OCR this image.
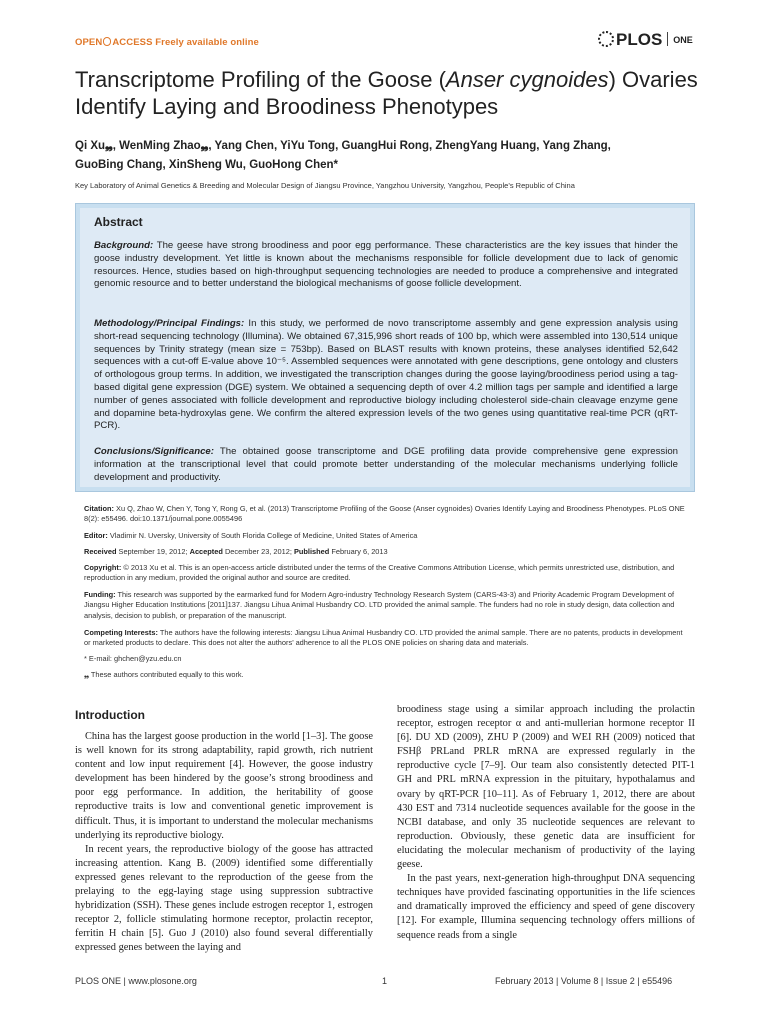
OPEN ACCESS Freely available online	PLOS ONE
Transcriptome Profiling of the Goose (Anser cygnoides) Ovaries Identify Laying and Broodiness Phenotypes
Qi Xu❠, WenMing Zhao❠, Yang Chen, YiYu Tong, GuangHui Rong, ZhengYang Huang, Yang Zhang,
GuoBing Chang, XinSheng Wu, GuoHong Chen*
Key Laboratory of Animal Genetics & Breeding and Molecular Design of Jiangsu Province, Yangzhou University, Yangzhou, People’s Republic of China
Abstract

Background: The geese have strong broodiness and poor egg performance. These characteristics are the key issues that hinder the goose industry development. Yet little is known about the mechanisms responsible for follicle development due to lack of genomic resources. Hence, studies based on high-throughput sequencing technologies are needed to produce a comprehensive and integrated genomic resource and to better understand the biological mechanisms of goose follicle development.

Methodology/Principal Findings: In this study, we performed de novo transcriptome assembly and gene expression analysis using short-read sequencing technology (Illumina). We obtained 67,315,996 short reads of 100 bp, which were assembled into 130,514 unique sequences by Trinity strategy (mean size = 753bp). Based on BLAST results with known proteins, these analyses identified 52,642 sequences with a cut-off E-value above 10⁻⁵. Assembled sequences were annotated with gene descriptions, gene ontology and clusters of orthologous group terms. In addition, we investigated the transcription changes during the goose laying/broodiness period using a tag-based digital gene expression (DGE) system. We obtained a sequencing depth of over 4.2 million tags per sample and identified a large number of genes associated with follicle development and reproductive biology including cholesterol side-chain cleavage enzyme gene and dopamine beta-hydroxylas gene. We confirm the altered expression levels of the two genes using quantitative real-time PCR (qRT-PCR).

Conclusions/Significance: The obtained goose transcriptome and DGE profiling data provide comprehensive gene expression information at the transcriptional level that could promote better understanding of the molecular mechanisms underlying follicle development and productivity.

Citation: Xu Q, Zhao W, Chen Y, Tong Y, Rong G, et al. (2013) Transcriptome Profiling of the Goose (Anser cygnoides) Ovaries Identify Laying and Broodiness Phenotypes. PLoS ONE 8(2): e55496. doi:10.1371/journal.pone.0055496

Editor: Vladimir N. Uversky, University of South Florida College of Medicine, United States of America

Received September 19, 2012; Accepted December 23, 2012; Published February 6, 2013

Copyright: © 2013 Xu et al. This is an open-access article distributed under the terms of the Creative Commons Attribution License, which permits unrestricted use, distribution, and reproduction in any medium, provided the original author and source are credited.

Funding: This research was supported by the earmarked fund for Modern Agro-industry Technology Research System (CARS-43-3) and Priority Academic Program Development of Jiangsu Higher Education Institutions [2011]137. Jiangsu Lihua Animal Husbandry CO. LTD provided the animal sample. The funders had no role in study design, data collection and analysis, decision to publish, or preparation of the manuscript.

Competing Interests: The authors have the following interests: Jiangsu Lihua Animal Husbandry CO. LTD provided the animal sample. There are no patents, products in development or marketed products to declare. This does not alter the authors’ adherence to all the PLOS ONE policies on sharing data and materials.

* E-mail: ghchen@yzu.edu.cn

❠ These authors contributed equally to this work.

Introduction

China has the largest goose production in the world [1–3]. The goose is well known for its strong adaptability, rapid growth, rich nutrient content and low input requirement [4]. However, the goose industry development has been hindered by the goose’s strong broodiness and poor egg performance. In addition, the heritability of goose reproductive traits is low and conventional genetic improvement is difficult. Thus, it is important to understand the molecular mechanisms underlying its reproductive biology.

In recent years, the reproductive biology of the goose has attracted increasing attention. Kang B. (2009) identified some differentially expressed genes relevant to the reproduction of the geese from the prelaying to the egg-laying stage using suppression subtractive hybridization (SSH). These genes include estrogen receptor 1, estrogen receptor 2, follicle stimulating hormone receptor, prolactin receptor, ferritin H chain [5]. Guo J (2010) also found several differentially expressed genes between the laying and

broodiness stage using a similar approach including the prolactin receptor, estrogen receptor α and anti-mullerian hormone receptor II [6]. DU XD (2009), ZHU P (2009) and WEI RH (2009) noticed that FSHβ PRLand PRLR mRNA are expressed regularly in the reproductive cycle [7–9]. Our team also consistently detected PIT-1 GH and PRL mRNA expression in the pituitary, hypothalamus and ovary by qRT-PCR [10–11]. As of February 1, 2012, there are about 430 EST and 7314 nucleotide sequences available for the goose in the NCBI database, and only 35 nucleotide sequences are relevant to reproduction. Obviously, these genetic data are insufficient for elucidating the molecular mechanism of productivity of the laying geese.

In the past years, next-generation high-throughput DNA sequencing techniques have provided fascinating opportunities in the life sciences and dramatically improved the efficiency and speed of gene discovery [12]. For example, Illumina sequencing technology offers millions of sequence reads from a single

PLOS ONE | www.plosone.org	1	February 2013 | Volume 8 | Issue 2 | e55496
